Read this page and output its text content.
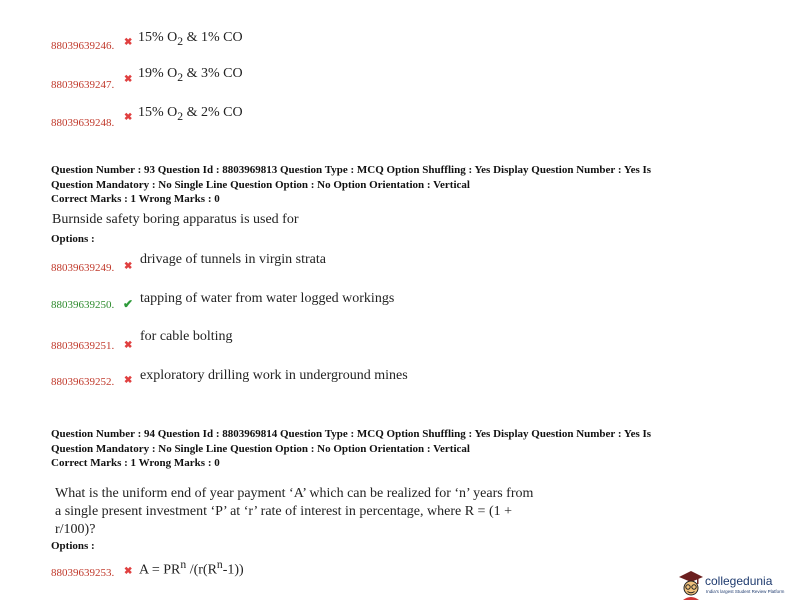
88039639246. ✖ 15% $O_2$ & 1% CO
88039639247. ✖ 19% $O_2$ & 3% CO
88039639248. ✖ 15% $O_2$ & 2% CO
Question Number : 93 Question Id : 8803969813 Question Type : MCQ Option Shuffling : Yes Display Question Number : Yes Is
Question Mandatory : No Single Line Question Option : No Option Orientation : Vertical
Correct Marks : 1 Wrong Marks : 0
Burnside safety boring apparatus is used for
Options :
88039639249. ✖ drivage of tunnels in virgin strata
88039639250. ✔ tapping of water from water logged workings
88039639251. ✖
for cable bolting
88039639252. ✖ exploratory drilling work in underground mines
Question Number : 94 Question Id : 8803969814 Question Type : MCQ Option Shuffling : Yes Display Question Number : Yes Is
Question Mandatory : No Single Line Question Option : No Option Orientation : Vertical
Correct Marks : 1 Wrong Marks : 0
What is the uniform end of year payment ‘A’ which can be realized for ‘n’ years from
a single present investment ‘P’ at ‘r’ rate of interest in percentage, where R = (1 +
r/100)?
Options :
88039639253. ✖ $A = PR^n$ $/(r(R^n-1))$
collegedunia
India's largest Student Review Platform
